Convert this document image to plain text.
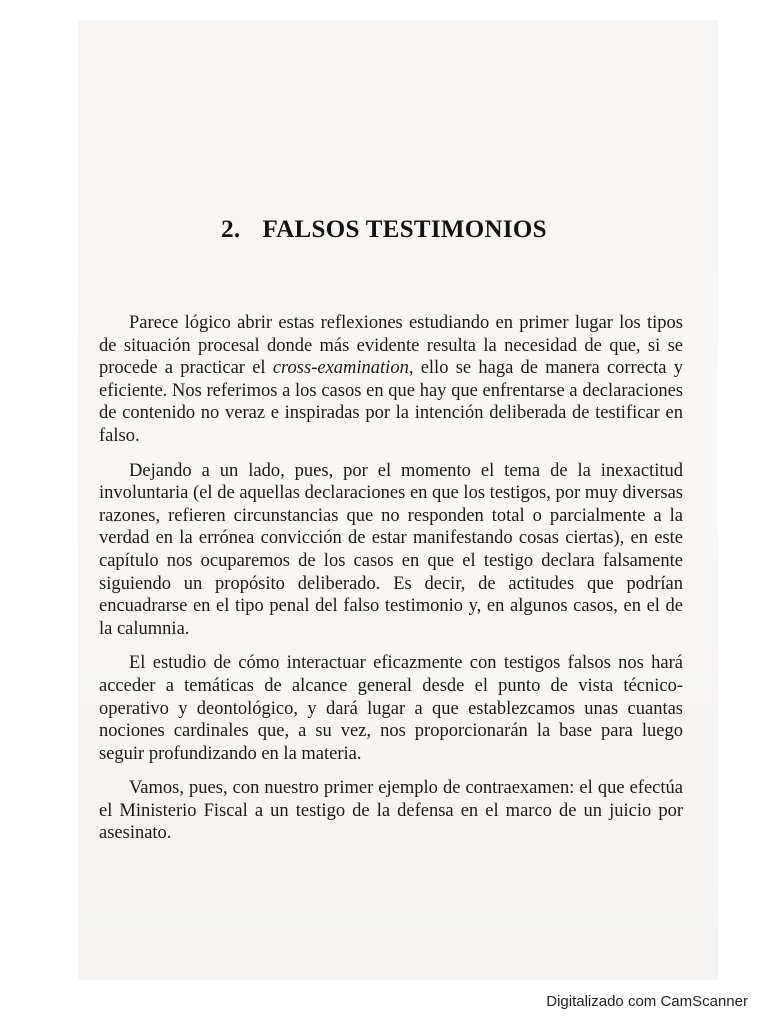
2. FALSOS TESTIMONIOS

Parece lógico abrir estas reflexiones estudiando en primer lugar los tipos de situación procesal donde más evidente resulta la necesidad de que, si se procede a practicar el cross-examination, ello se haga de manera correcta y eficiente. Nos referimos a los casos en que hay que enfrentarse a declaraciones de contenido no veraz e inspiradas por la intención deliberada de testificar en falso.

Dejando a un lado, pues, por el momento el tema de la inexactitud involuntaria (el de aquellas declaraciones en que los testigos, por muy diversas razones, refieren circunstancias que no responden total o parcialmente a la verdad en la errónea convicción de estar manifestando cosas ciertas), en este capítulo nos ocuparemos de los casos en que el testigo declara falsamente siguiendo un propósito deliberado. Es decir, de actitudes que podrían encuadrarse en el tipo penal del falso testimonio y, en algunos casos, en el de la calumnia.

El estudio de cómo interactuar eficazmente con testigos falsos nos hará acceder a temáticas de alcance general desde el punto de vista técnico-operativo y deontológico, y dará lugar a que establezcamos unas cuantas nociones cardinales que, a su vez, nos proporcionarán la base para luego seguir profundizando en la materia.

Vamos, pues, con nuestro primer ejemplo de contraexamen: el que efectúa el Ministerio Fiscal a un testigo de la defensa en el marco de un juicio por asesinato.

Digitalizado com CamScanner
